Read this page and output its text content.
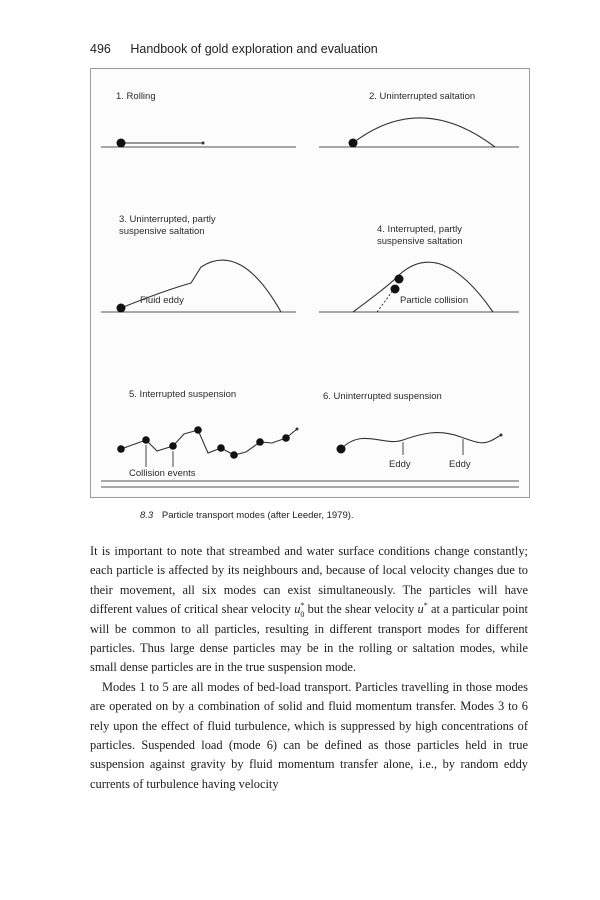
496 Handbook of gold exploration and evaluation
1. Rolling	2. Uninterrupted saltation
3. Uninterrupted, partly
suspensive saltation
Fluid eddy
4. Interrupted, partly
suspensive saltation
Particle collision
5. Interrupted suspension
Collision events
6. Uninterrupted suspension
Eddy	Eddy
8.3 Particle transport modes (after Leeder, 1979).

It is important to note that streambed and water surface conditions change constantly; each particle is affected by its neighbours and, because of local velocity changes due to their movement, all six modes can exist simultaneously. The particles will have different values of critical shear velocity $u^*_0$ but the shear velocity u* at a particular point will be common to all particles, resulting in different transport modes for different particles. Thus large dense particles may be in the rolling or saltation modes, while small dense particles are in the true suspension mode.

Modes 1 to 5 are all modes of bed-load transport. Particles travelling in those modes are operated on by a combination of solid and fluid momentum transfer. Modes 3 to 6 rely upon the effect of fluid turbulence, which is suppressed by high concentrations of particles. Suspended load (mode 6) can be defined as those particles held in true suspension against gravity by fluid momentum transfer alone, i.e., by random eddy currents of turbulence having velocity
